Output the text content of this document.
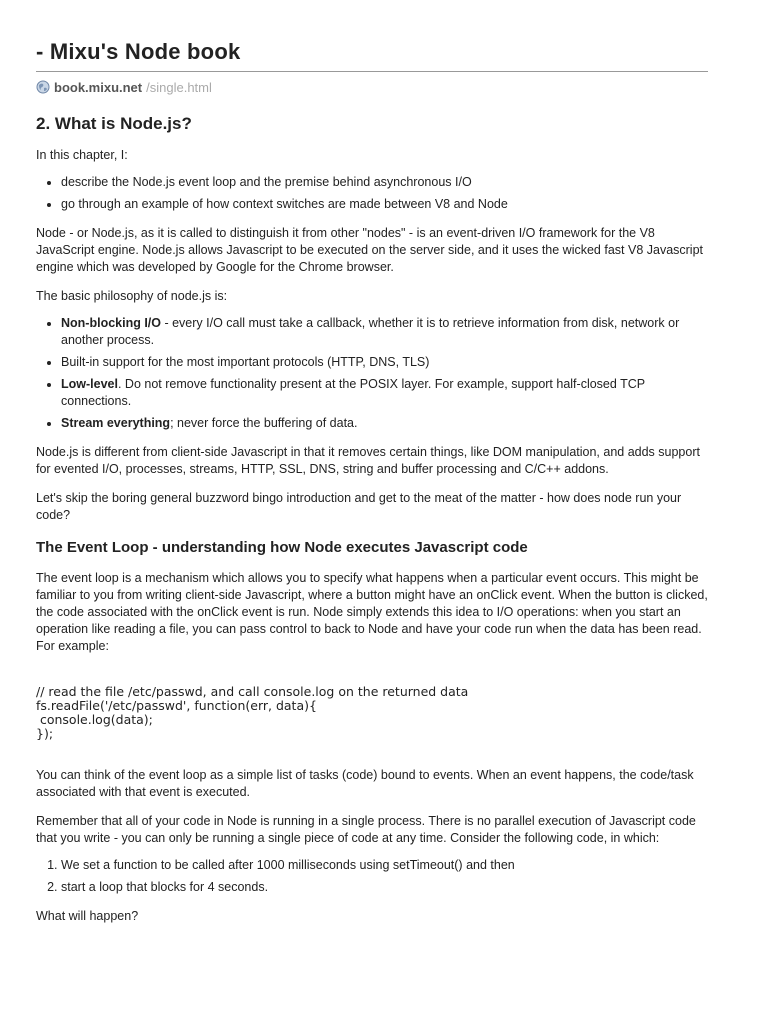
- Mixu's Node book
book.mixu.net /single.html
2. What is Node.js?

In this chapter, I:

• describe the Node.js event loop and the premise behind asynchronous I/O
• go through an example of how context switches are made between V8 and Node

Node - or Node.js, as it is called to distinguish it from other "nodes" - is an event-driven I/O framework for the V8 JavaScript engine. Node.js allows Javascript to be executed on the server side, and it uses the wicked fast V8 Javascript engine which was developed by Google for the Chrome browser.

The basic philosophy of node.js is:

• Non-blocking I/O - every I/O call must take a callback, whether it is to retrieve information from disk, network or another process.
• Built-in support for the most important protocols (HTTP, DNS, TLS)
• Low-level. Do not remove functionality present at the POSIX layer. For example, support half-closed TCP connections.
• Stream everything; never force the buffering of data.

Node.js is different from client-side Javascript in that it removes certain things, like DOM manipulation, and adds support for evented I/O, processes, streams, HTTP, SSL, DNS, string and buffer processing and C/C++ addons.

Let's skip the boring general buzzword bingo introduction and get to the meat of the matter - how does node run your code?

The Event Loop - understanding how Node executes Javascript code

The event loop is a mechanism which allows you to specify what happens when a particular event occurs. This might be familiar to you from writing client-side Javascript, where a button might have an onClick event. When the button is clicked, the code associated with the onClick event is run. Node simply extends this idea to I/O operations: when you start an operation like reading a file, you can pass control to back to Node and have your code run when the data has been read. For example:

// read the file /etc/passwd, and call console.log on the returned data
fs.readFile('/etc/passwd', function(err, data){
console.log(data);
});

You can think of the event loop as a simple list of tasks (code) bound to events. When an event happens, the code/task associated with that event is executed.

Remember that all of your code in Node is running in a single process. There is no parallel execution of Javascript code that you write - you can only be running a single piece of code at any time. Consider the following code, in which:

1. We set a function to be called after 1000 milliseconds using setTimeout() and then
2. start a loop that blocks for 4 seconds.

What will happen?
